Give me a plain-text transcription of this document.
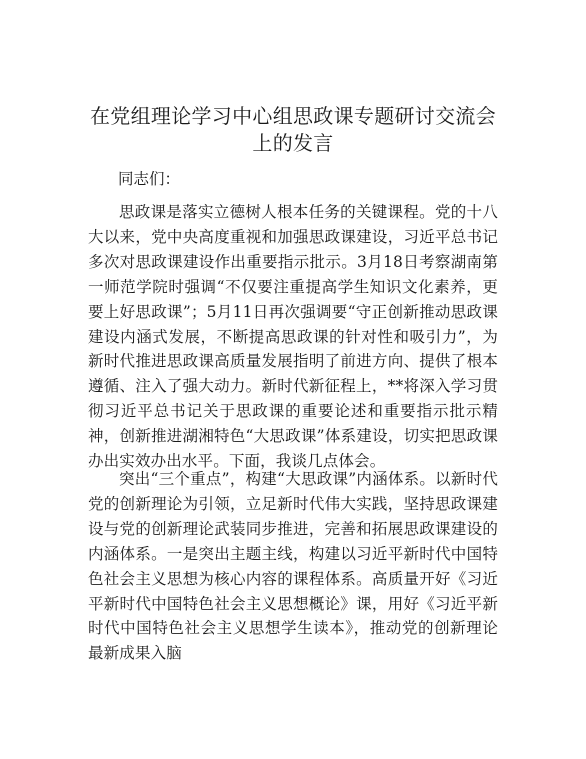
在党组理论学习中心组思政课专题研讨交流会
上的发言

同志们：

思政课是落实立德树人根本任务的关键课程。党的十八大以来，党中央高度重视和加强思政课建设，习近平总书记多次对思政课建设作出重要指示批示。3月18日考察湖南第一师范学院时强调“不仅要注重提高学生知识文化素养，更要上好思政课”；5月11日再次强调要“守正创新推动思政课建设内涵式发展，不断提高思政课的针对性和吸引力”，为新时代推进思政课高质量发展指明了前进方向、提供了根本遵循、注入了强大动力。新时代新征程上，**将深入学习贯彻习近平总书记关于思政课的重要论述和重要指示批示精神，创新推进湖湘特色“大思政课”体系建设，切实把思政课办出实效办出水平。下面，我谈几点体会。

突出“三个重点”，构建“大思政课”内涵体系。以新时代党的创新理论为引领，立足新时代伟大实践，坚持思政课建设与党的创新理论武装同步推进，完善和拓展思政课建设的内涵体系。一是突出主题主线，构建以习近平新时代中国特色社会主义思想为核心内容的课程体系。高质量开好《习近平新时代中国特色社会主义思想概论》课，用好《习近平新时代中国特色社会主义思想学生读本》，推动党的创新理论最新成果入脑
